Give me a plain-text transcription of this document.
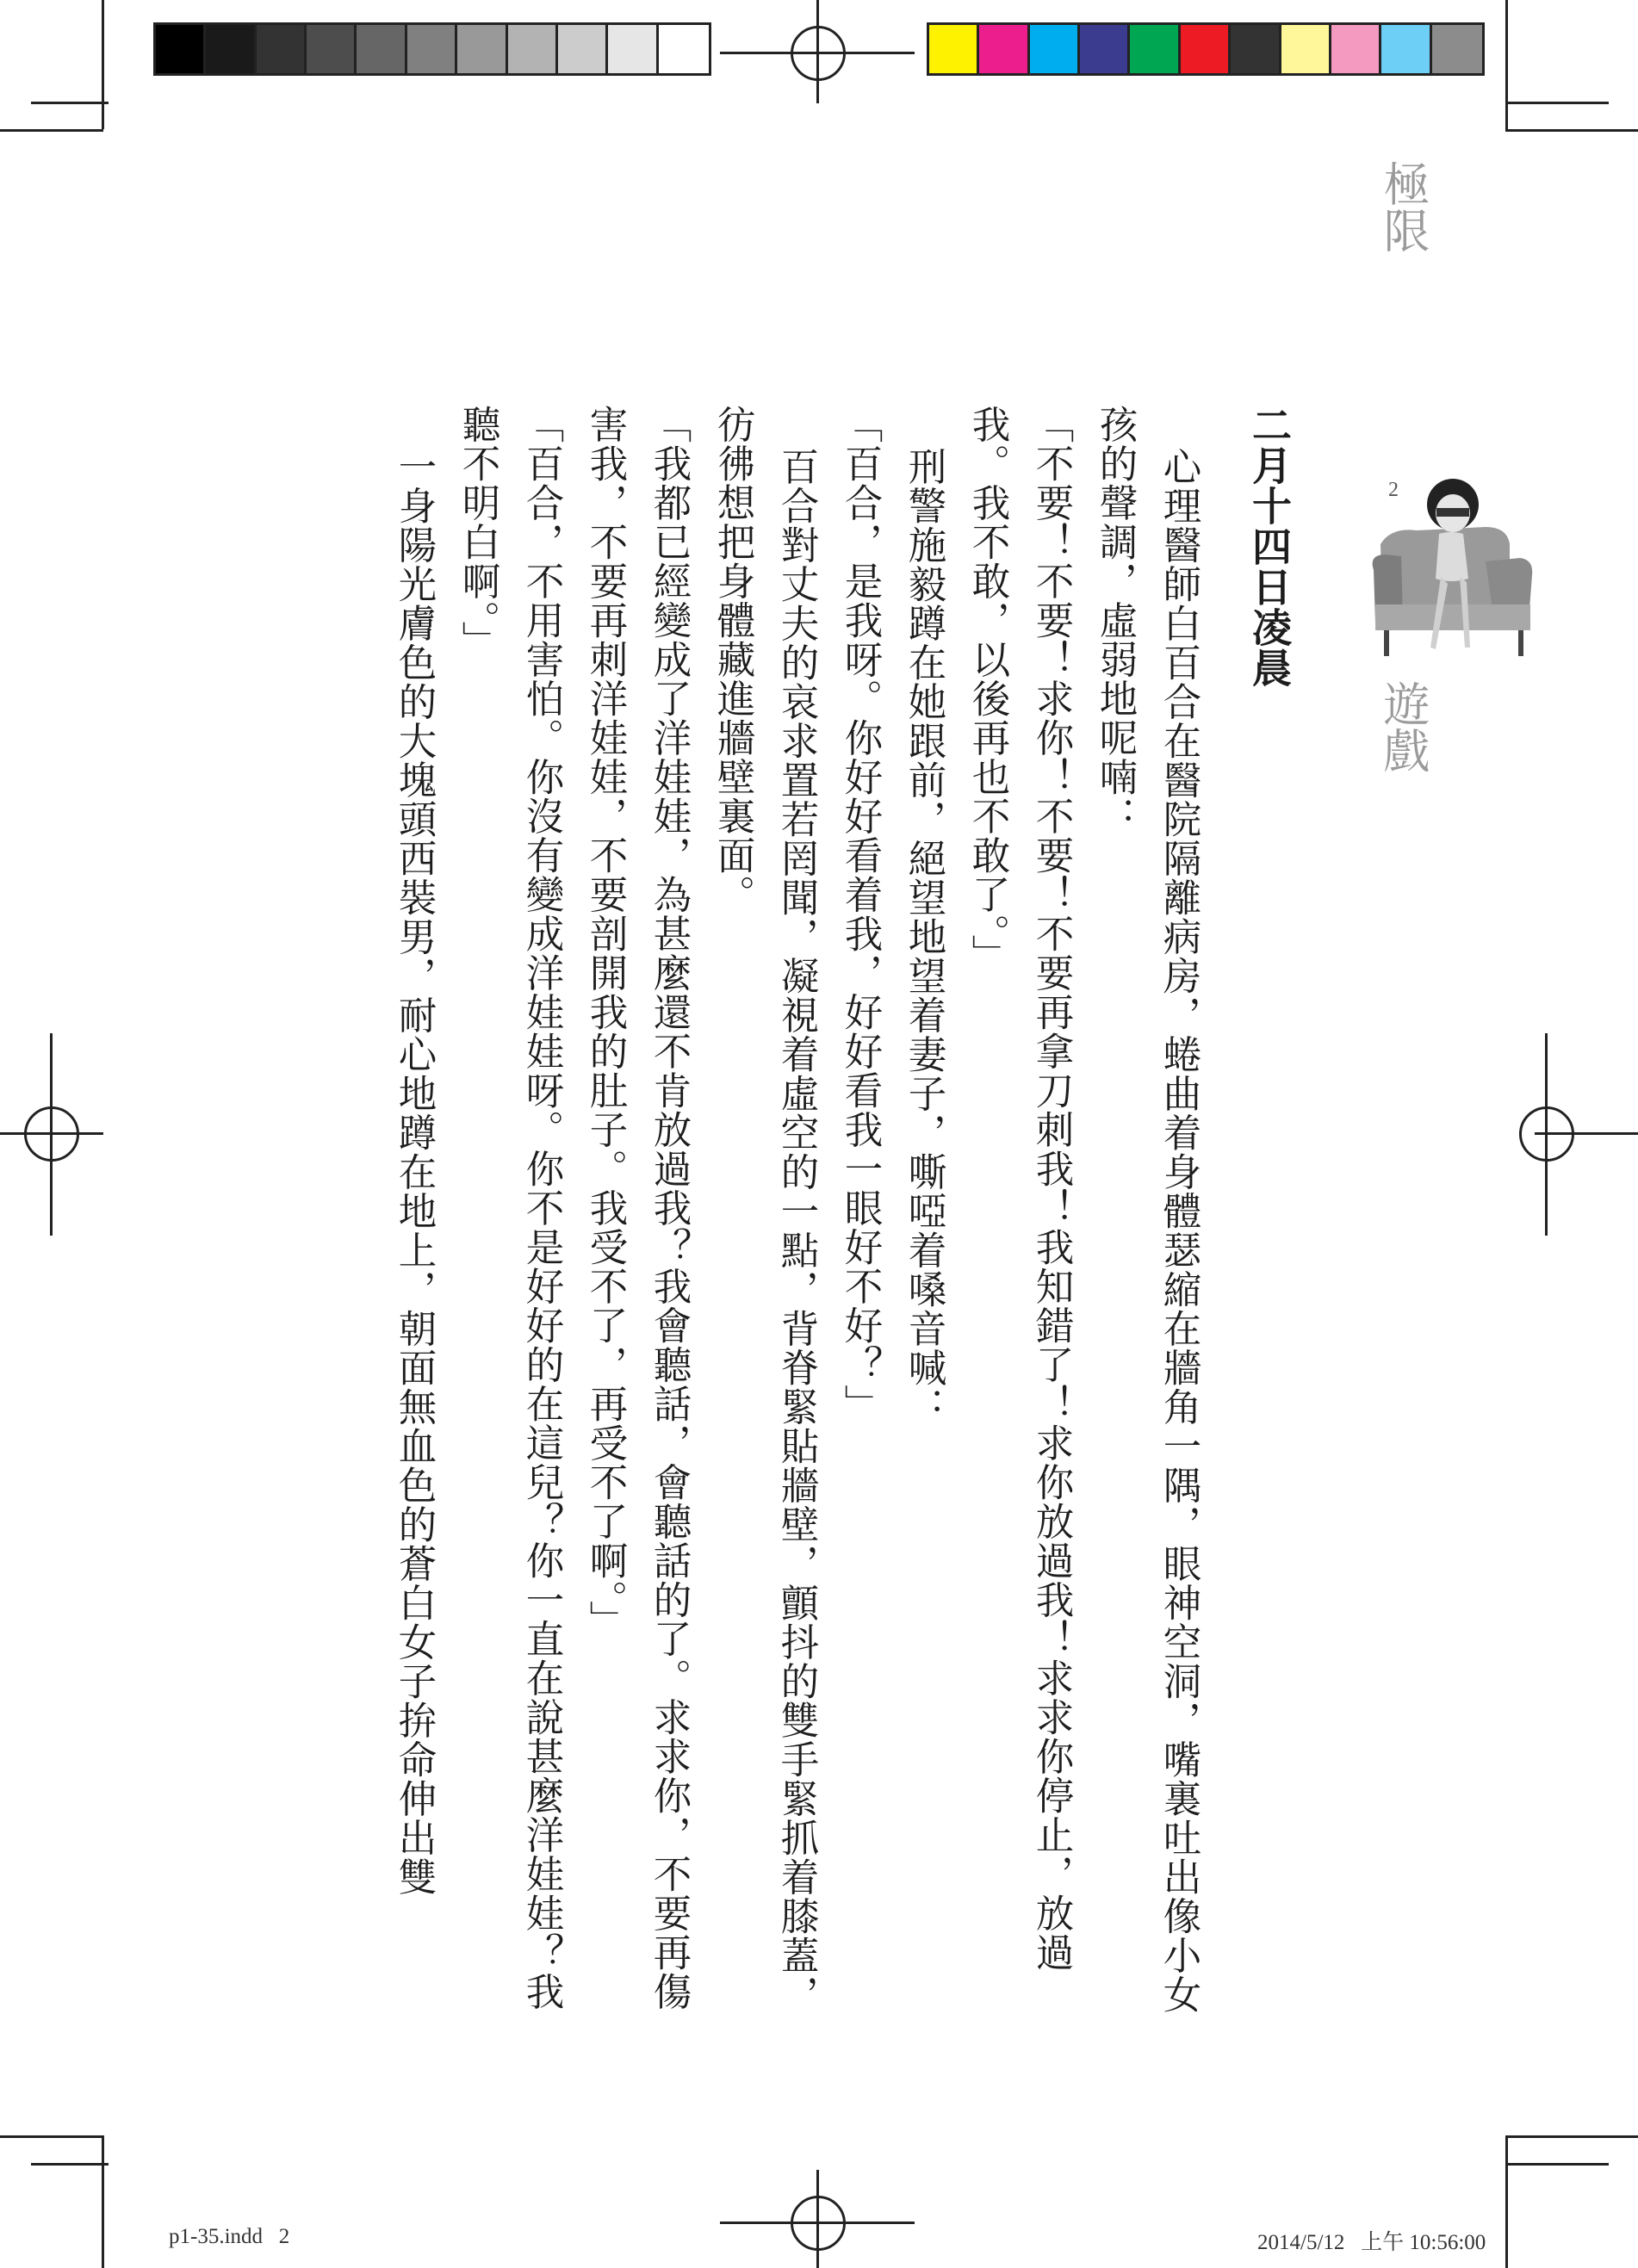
極限
遊戲
2

二月十四日凌晨

心理醫師白百合在醫院隔離病房，蜷曲着身體瑟縮在牆角一隅，眼神空洞，嘴裏吐出像小女孩的聲調，虛弱地呢喃：

「不要！不要！求你！不要！不要再拿刀刺我！我知錯了！求你放過我！求求你停止，放過我。我不敢，以後再也不敢了。」

刑警施毅蹲在她跟前，絕望地望着妻子，嘶啞着嗓音喊：

「百合，是我呀。你好好看着我，好好看我一眼好不好？」

百合對丈夫的哀求置若罔聞，凝視着虛空的一點，背脊緊貼牆壁，顫抖的雙手緊抓着膝蓋，彷彿想把身體藏進牆壁裏面。

「我都已經變成了洋娃娃，為甚麼還不肯放過我？我會聽話，會聽話的了。求求你，不要再傷害我，不要再刺洋娃娃，不要剖開我的肚子。我受不了，再受不了啊。」

「百合，不用害怕。你沒有變成洋娃娃呀。你不是好好的在這兒？你一直在說甚麼洋娃娃？我聽不明白啊。」

一身陽光膚色的大塊頭西裝男，耐心地蹲在地上，朝面無血色的蒼白女子拚命伸出雙

p1-35.indd   2	2014/5/12   上午 10:56:00
